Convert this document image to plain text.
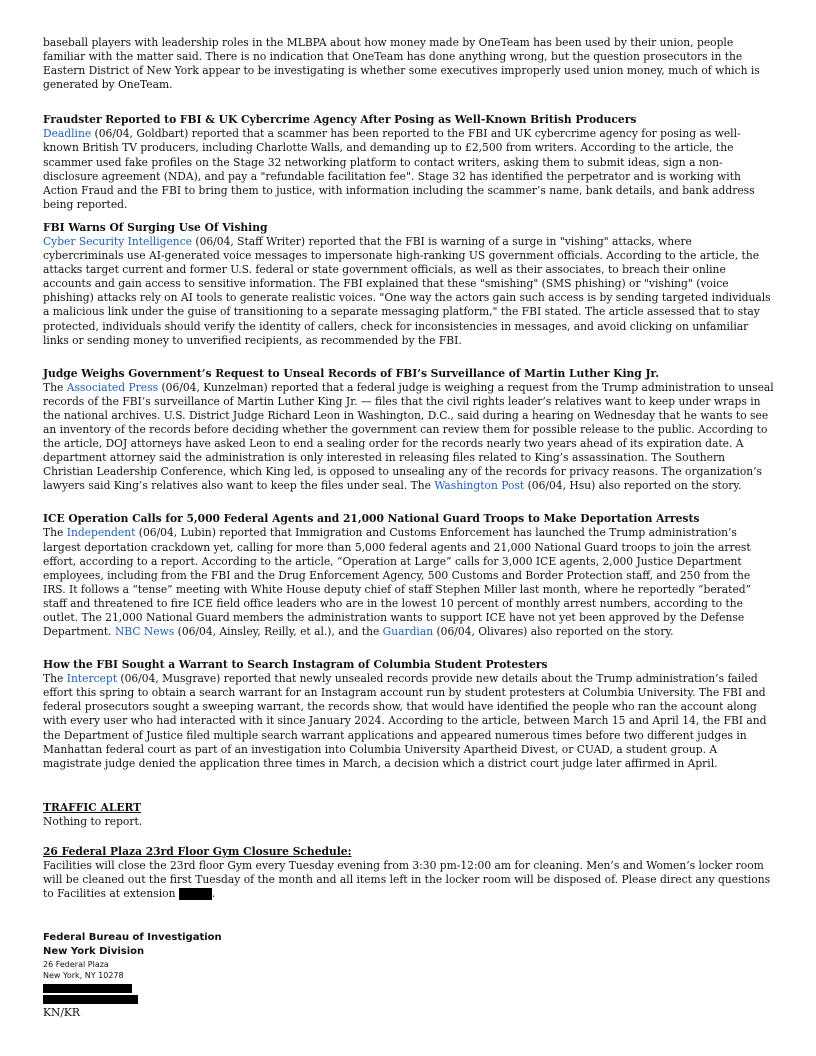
baseball players with leadership roles in the MLBPA about how money made by OneTeam has been used by their union, people familiar with the matter said. There is no indication that OneTeam has done anything wrong, but the question prosecutors in the Eastern District of New York appear to be investigating is whether some executives improperly used union money, much of which is generated by OneTeam.

Fraudster Reported to FBI & UK Cybercrime Agency After Posing as Well-Known British Producers

Deadline (06/04, Goldbart) reported that a scammer has been reported to the FBI and UK cybercrime agency for posing as well-known British TV producers, including Charlotte Walls, and demanding up to £2,500 from writers. According to the article, the scammer used fake profiles on the Stage 32 networking platform to contact writers, asking them to submit ideas, sign a non-disclosure agreement (NDA), and pay a "refundable facilitation fee". Stage 32 has identified the perpetrator and is working with Action Fraud and the FBI to bring them to justice, with information including the scammer’s name, bank details, and bank address being reported.

FBI Warns Of Surging Use Of Vishing

Cyber Security Intelligence (06/04, Staff Writer) reported that the FBI is warning of a surge in "vishing" attacks, where cybercriminals use AI-generated voice messages to impersonate high-ranking US government officials. According to the article, the attacks target current and former U.S. federal or state government officials, as well as their associates, to breach their online accounts and gain access to sensitive information. The FBI explained that these "smishing" (SMS phishing) or "vishing" (voice phishing) attacks rely on AI tools to generate realistic voices. "One way the actors gain such access is by sending targeted individuals a malicious link under the guise of transitioning to a separate messaging platform," the FBI stated. The article assessed that to stay protected, individuals should verify the identity of callers, check for inconsistencies in messages, and avoid clicking on unfamiliar links or sending money to unverified recipients, as recommended by the FBI.

Judge Weighs Government’s Request to Unseal Records of FBI’s Surveillance of Martin Luther King Jr.

The Associated Press (06/04, Kunzelman) reported that a federal judge is weighing a request from the Trump administration to unseal records of the FBI’s surveillance of Martin Luther King Jr. — files that the civil rights leader’s relatives want to keep under wraps in the national archives. U.S. District Judge Richard Leon in Washington, D.C., said during a hearing on Wednesday that he wants to see an inventory of the records before deciding whether the government can review them for possible release to the public. According to the article, DOJ attorneys have asked Leon to end a sealing order for the records nearly two years ahead of its expiration date. A department attorney said the administration is only interested in releasing files related to King’s assassination. The Southern Christian Leadership Conference, which King led, is opposed to unsealing any of the records for privacy reasons. The organization’s lawyers said King’s relatives also want to keep the files under seal. The Washington Post (06/04, Hsu) also reported on the story.

ICE Operation Calls for 5,000 Federal Agents and 21,000 National Guard Troops to Make Deportation Arrests

The Independent (06/04, Lubin) reported that Immigration and Customs Enforcement has launched the Trump administration’s largest deportation crackdown yet, calling for more than 5,000 federal agents and 21,000 National Guard troops to join the arrest effort, according to a report. According to the article, “Operation at Large” calls for 3,000 ICE agents, 2,000 Justice Department employees, including from the FBI and the Drug Enforcement Agency, 500 Customs and Border Protection staff, and 250 from the IRS. It follows a “tense” meeting with White House deputy chief of staff Stephen Miller last month, where he reportedly “berated” staff and threatened to fire ICE field office leaders who are in the lowest 10 percent of monthly arrest numbers, according to the outlet. The 21,000 National Guard members the administration wants to support ICE have not yet been approved by the Defense Department. NBC News (06/04, Ainsley, Reilly, et al.), and the Guardian (06/04, Olivares) also reported on the story.

How the FBI Sought a Warrant to Search Instagram of Columbia Student Protesters

The Intercept (06/04, Musgrave) reported that newly unsealed records provide new details about the Trump administration’s failed effort this spring to obtain a search warrant for an Instagram account run by student protesters at Columbia University. The FBI and federal prosecutors sought a sweeping warrant, the records show, that would have identified the people who ran the account along with every user who had interacted with it since January 2024. According to the article, between March 15 and April 14, the FBI and the Department of Justice filed multiple search warrant applications and appeared numerous times before two different judges in Manhattan federal court as part of an investigation into Columbia University Apartheid Divest, or CUAD, a student group. A magistrate judge denied the application three times in March, a decision which a district court judge later affirmed in April.

TRAFFIC ALERT

Nothing to report.

26 Federal Plaza 23rd Floor Gym Closure Schedule:

Facilities will close the 23rd floor Gym every Tuesday evening from 3:30 pm-12:00 am for cleaning. Men’s and Women’s locker room will be cleaned out the first Tuesday of the month and all items left in the locker room will be disposed of. Please direct any questions to Facilities at extension	.

Federal Bureau of Investigation
New York Division
26 Federal Plaza
New York, NY 10278
KN/KR
